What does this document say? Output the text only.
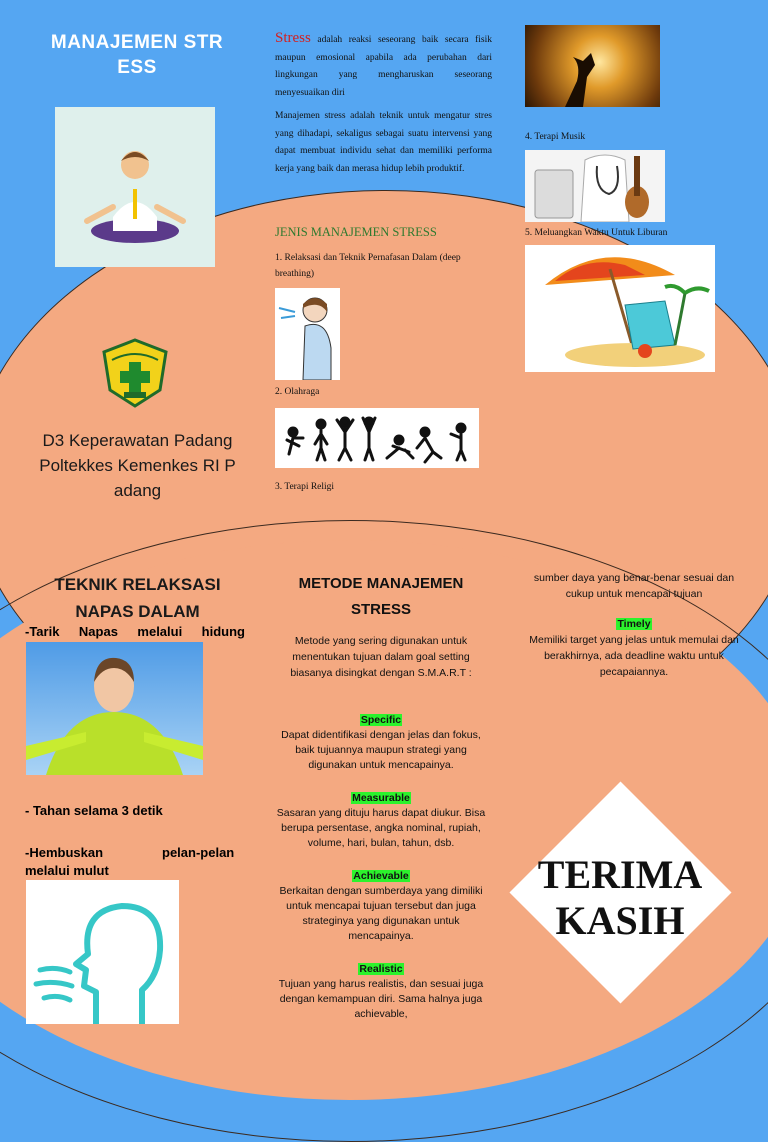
MANAJEMEN STR
ESS
D3 Keperawatan Padang
Poltekkes Kemenkes RI P
adang
TEKNIK RELAKSASI
NAPAS DALAM
-Tarik Napas melalui hidung
- Tahan selama 3 detik
-Hembuskan	pelan-pelan
melalui mulut
Stress adalah reaksi seseorang baik secara fisik maupun emosional apabila ada perubahan dari lingkungan yang mengharuskan seseorang menyesuaikan diri
Manajemen stress adalah teknik untuk mengatur stres yang dihadapi, sekaligus sebagai suatu intervensi yang dapat membuat individu sehat dan memiliki performa kerja yang baik dan merasa hidup lebih produktif.
JENIS MANAJEMEN STRESS
1. Relaksasi dan Teknik Pernafasan Dalam (deep breathing)
2. Olahraga
3. Terapi Religi
METODE MANAJEMEN
STRESS
Metode yang sering digunakan untuk menentukan tujuan dalam goal setting biasanya disingkat dengan S.M.A.R.T :
Specific
Dapat didentifikasi dengan jelas dan fokus, baik tujuannya maupun strategi yang digunakan untuk mencapainya.
Measurable
Sasaran yang dituju harus dapat diukur. Bisa berupa persentase, angka nominal, rupiah, volume, hari, bulan, tahun, dsb.
Achievable
Berkaitan dengan sumberdaya yang dimiliki untuk mencapai tujuan tersebut dan juga strateginya yang digunakan untuk mencapainya.
Realistic
Tujuan yang harus realistis, dan sesuai juga dengan kemampuan diri. Sama halnya juga achievable,
4. Terapi Musik
5. Meluangkan Waktu Untuk Liburan
sumber daya yang benar-benar sesuai dan cukup untuk mencapai tujuan
Timely
Memiliki target yang jelas untuk memulai dan berakhirnya, ada deadline waktu untuk pecapaiannya.
TERIMA
KASIH
